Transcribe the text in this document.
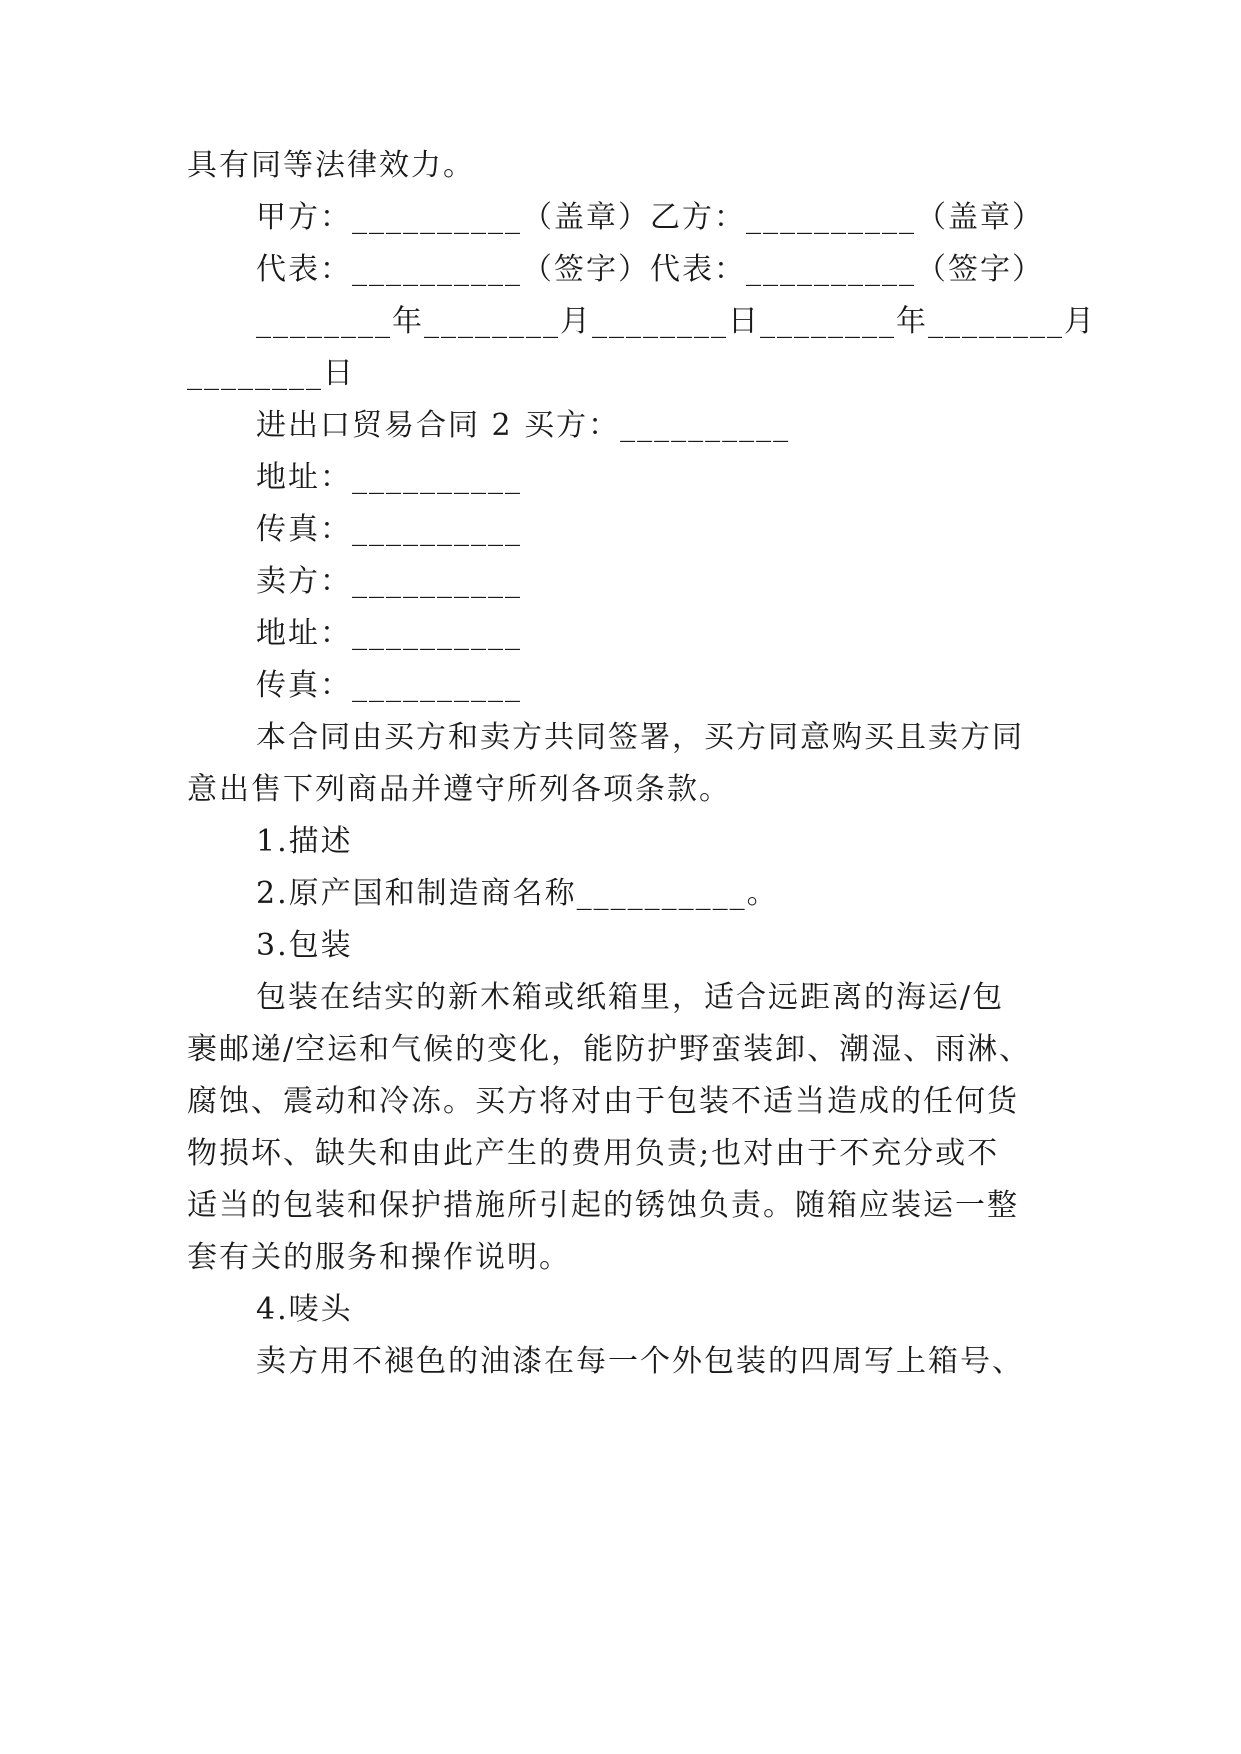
具有同等法律效力。
甲方：__________（盖章）乙方：__________（盖章）
代表：__________（签字）代表：__________（签字）
________年________月________日________年________月
________日
进出口贸易合同 2 买方：__________
地址：__________
传真：__________
卖方：__________
地址：__________
传真：__________
本合同由买方和卖方共同签署，买方同意购买且卖方同
意出售下列商品并遵守所列各项条款。
1.描述
2.原产国和制造商名称__________。
3.包装
包装在结实的新木箱或纸箱里，适合远距离的海运/包
裹邮递/空运和气候的变化，能防护野蛮装卸、潮湿、雨淋、
腐蚀、震动和冷冻。买方将对由于包装不适当造成的任何货
物损坏、缺失和由此产生的费用负责;也对由于不充分或不
适当的包装和保护措施所引起的锈蚀负责。随箱应装运一整
套有关的服务和操作说明。
4.唛头
卖方用不褪色的油漆在每一个外包装的四周写上箱号、
